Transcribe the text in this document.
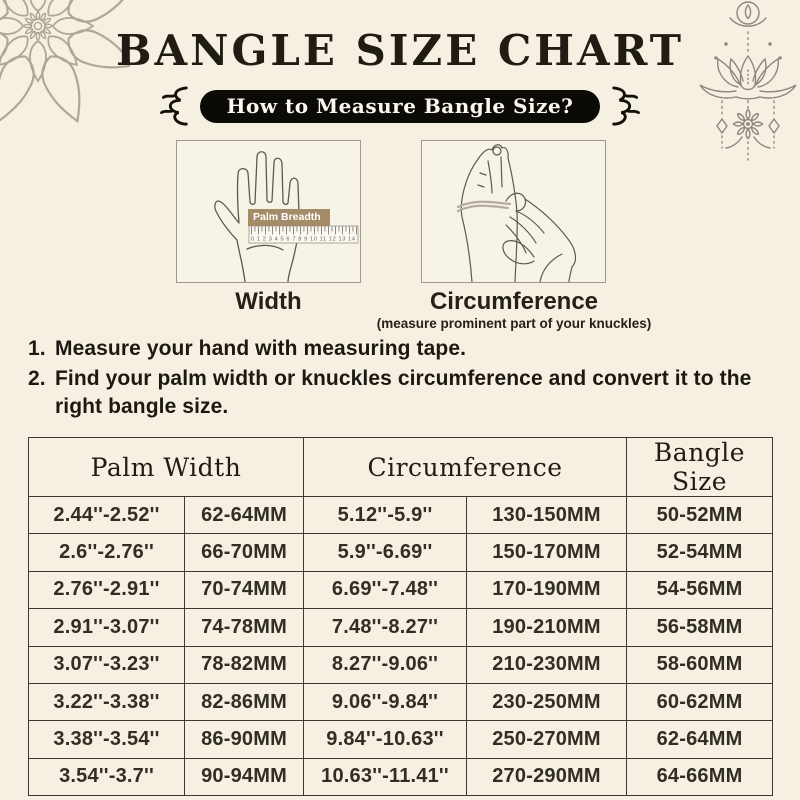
BANGLE SIZE CHART
How to Measure Bangle Size?
0 1 2 3 4 5 6 7 8 9 10 11 12 13 14
Palm Breadth
Width	Circumference
(measure prominent part of your knuckles)
1. Measure your hand with measuring tape.
2. Find your palm width or knuckles circumference and convert it to the
right bangle size.
Palm Width		Circumference		Bangle Size
2.44''-2.52''	62-64MM	5.12''-5.9''	130-150MM	50-52MM
2.6''-2.76''	66-70MM	5.9''-6.69''	150-170MM	52-54MM
2.76''-2.91''	70-74MM	6.69''-7.48''	170-190MM	54-56MM
2.91''-3.07''	74-78MM	7.48''-8.27''	190-210MM	56-58MM
3.07''-3.23''	78-82MM	8.27''-9.06''	210-230MM	58-60MM
3.22''-3.38''	82-86MM	9.06''-9.84''	230-250MM	60-62MM
3.38''-3.54''	86-90MM	9.84''-10.63''	250-270MM	62-64MM
3.54''-3.7''	90-94MM	10.63''-11.41''	270-290MM	64-66MM
